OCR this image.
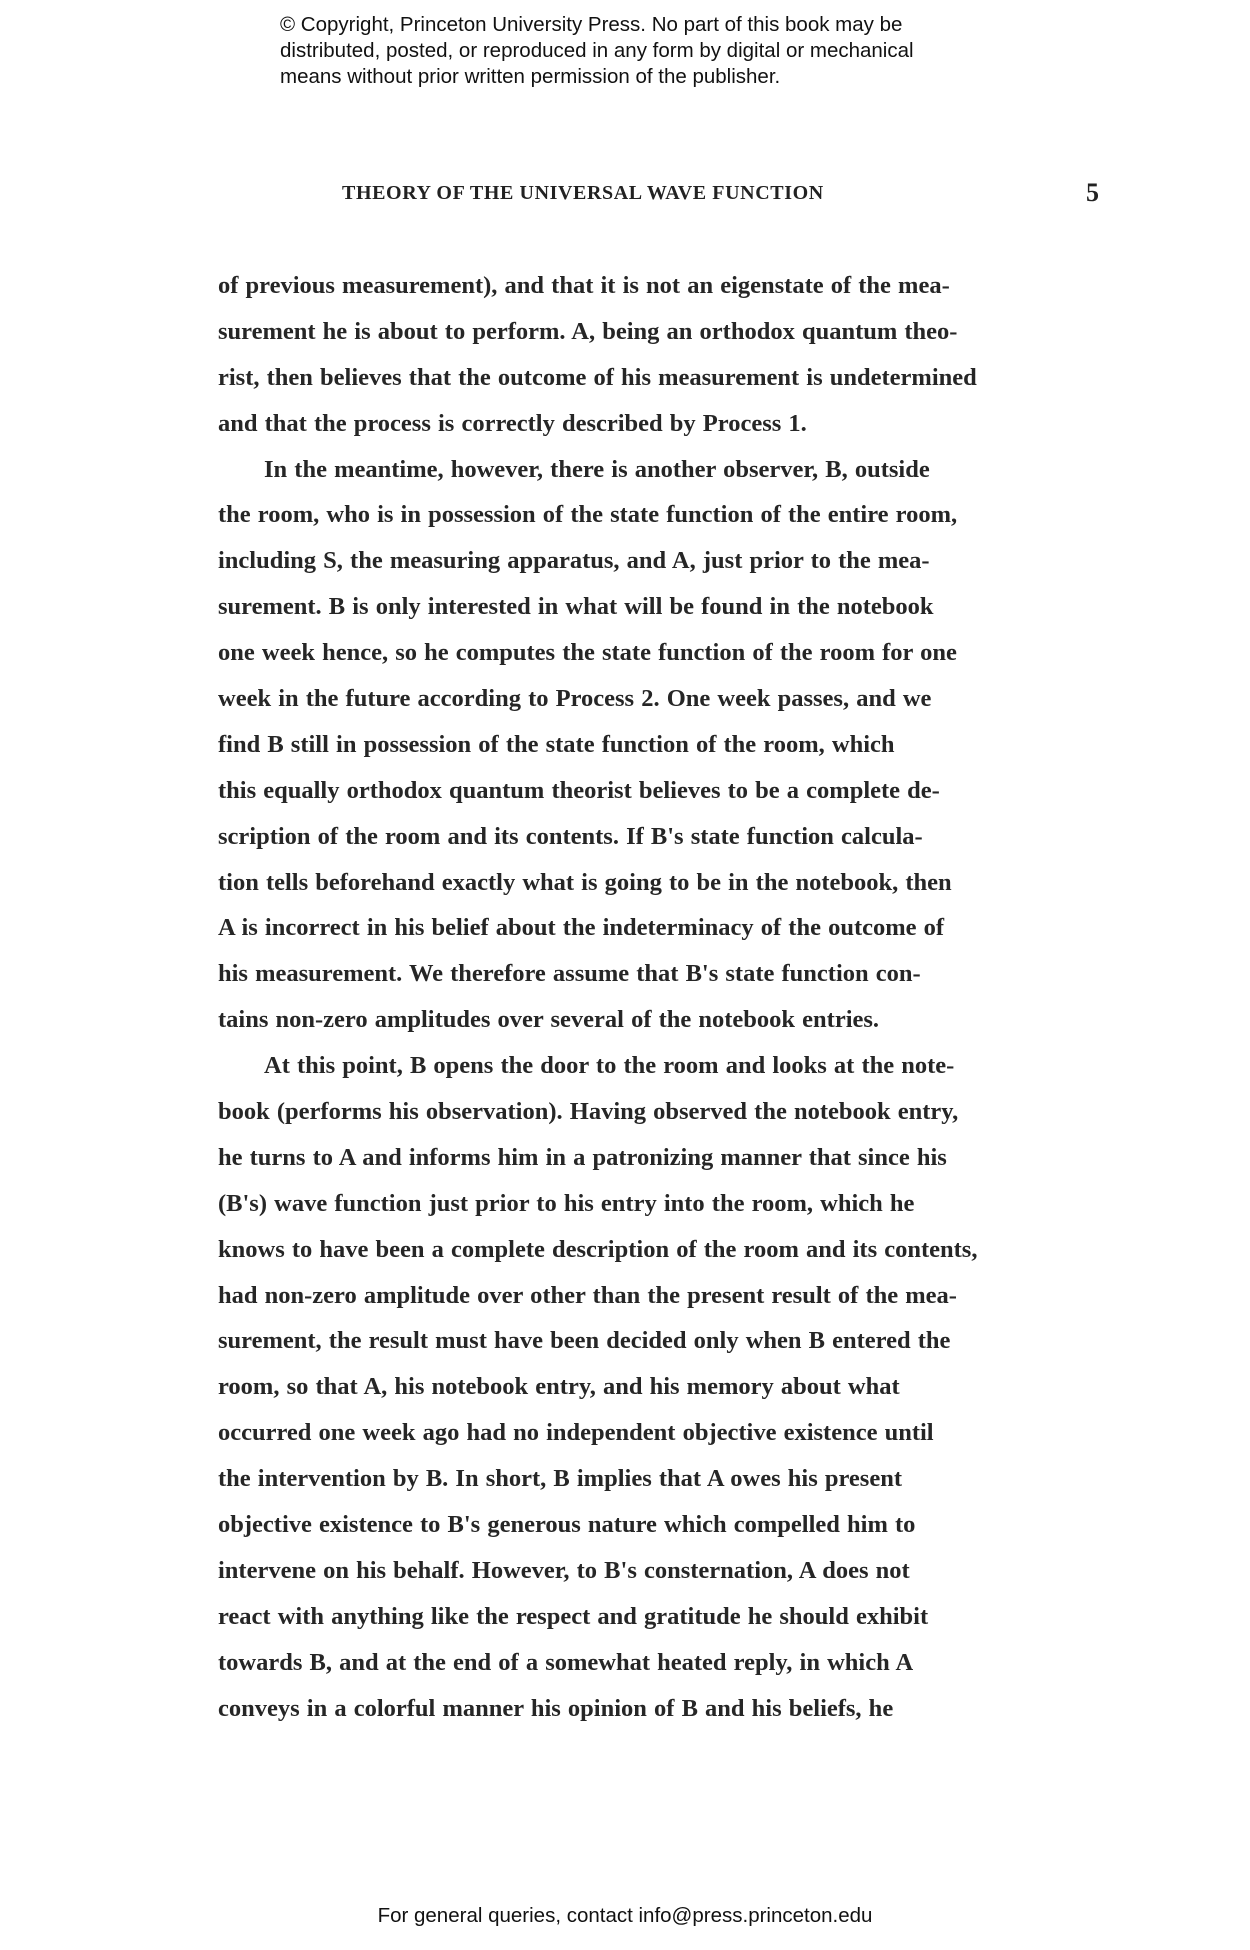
© Copyright, Princeton University Press. No part of this book may be
distributed, posted, or reproduced in any form by digital or mechanical
means without prior written permission of the publisher.
THEORY OF THE UNIVERSAL WAVE FUNCTION	5
of previous measurement), and that it is not an eigenstate of the mea-
surement he is about to perform. A, being an orthodox quantum theo-
rist, then believes that the outcome of his measurement is undetermined
and that the process is correctly described by Process 1.
In the meantime, however, there is another observer, B, outside
the room, who is in possession of the state function of the entire room,
including S, the measuring apparatus, and A, just prior to the mea-
surement. B is only interested in what will be found in the notebook
one week hence, so he computes the state function of the room for one
week in the future according to Process 2. One week passes, and we
find B still in possession of the state function of the room, which
this equally orthodox quantum theorist believes to be a complete de-
scription of the room and its contents. If B's state function calcula-
tion tells beforehand exactly what is going to be in the notebook, then
A is incorrect in his belief about the indeterminacy of the outcome of
his measurement. We therefore assume that B's state function con-
tains non-zero amplitudes over several of the notebook entries.
At this point, B opens the door to the room and looks at the note-
book (performs his observation). Having observed the notebook entry,
he turns to A and informs him in a patronizing manner that since his
(B's) wave function just prior to his entry into the room, which he
knows to have been a complete description of the room and its contents,
had non-zero amplitude over other than the present result of the mea-
surement, the result must have been decided only when B entered the
room, so that A, his notebook entry, and his memory about what
occurred one week ago had no independent objective existence until
the intervention by B. In short, B implies that A owes his present
objective existence to B's generous nature which compelled him to
intervene on his behalf. However, to B's consternation, A does not
react with anything like the respect and gratitude he should exhibit
towards B, and at the end of a somewhat heated reply, in which A
conveys in a colorful manner his opinion of B and his beliefs, he
For general queries, contact info@press.princeton.edu
